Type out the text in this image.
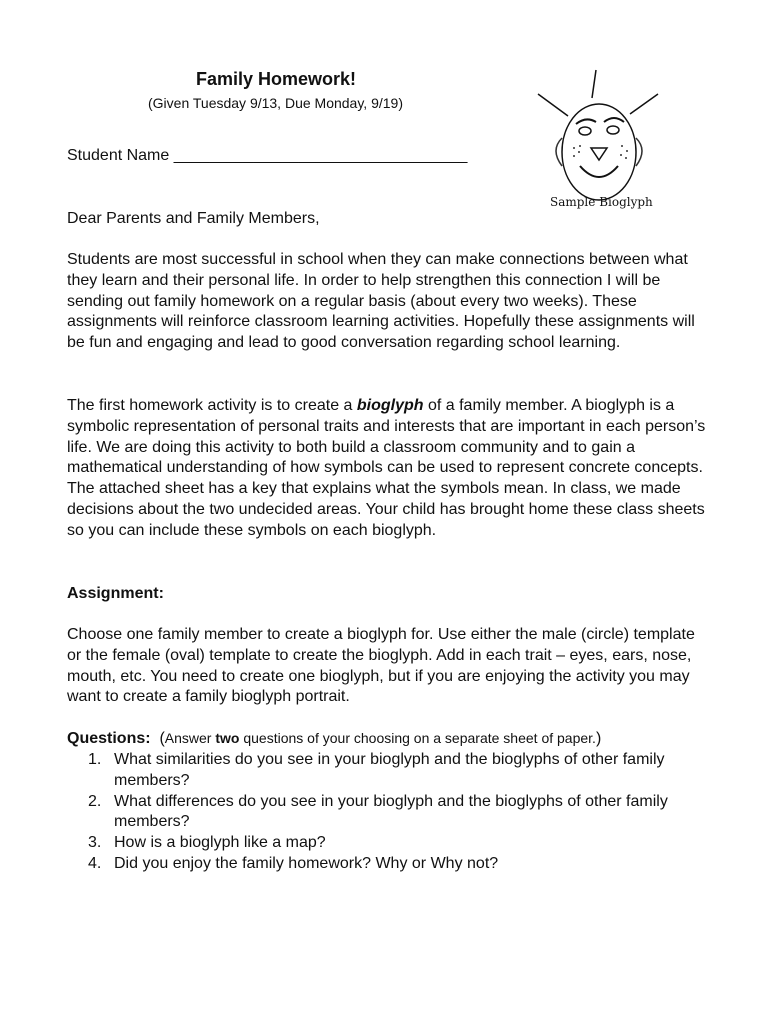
Family Homework!
(Given Tuesday 9/13, Due Monday, 9/19)
Student Name _________________________________
Sample Bioglyph

Dear Parents and Family Members,

Students are most successful in school when they can make connections between what they learn and their personal life. In order to help strengthen this connection I will be sending out family homework on a regular basis (about every two weeks). These assignments will reinforce classroom learning activities. Hopefully these assignments will be fun and engaging and lead to good conversation regarding school learning.

The first homework activity is to create a bioglyph of a family member. A bioglyph is a symbolic representation of personal traits and interests that are important in each person’s life. We are doing this activity to both build a classroom community and to gain a mathematical understanding of how symbols can be used to represent concrete concepts. The attached sheet has a key that explains what the symbols mean. In class, we made decisions about the two undecided areas. Your child has brought home these class sheets so you can include these symbols on each bioglyph.

Assignment:

Choose one family member to create a bioglyph for. Use either the male (circle) template or the female (oval) template to create the bioglyph. Add in each trait – eyes, ears, nose, mouth, etc. You need to create one bioglyph, but if you are enjoying the activity you may want to create a family bioglyph portrait.

Questions: (Answer two questions of your choosing on a separate sheet of paper.)

1. What similarities do you see in your bioglyph and the bioglyphs of other family members?
2. What differences do you see in your bioglyph and the bioglyphs of other family members?
3. How is a bioglyph like a map?
4. Did you enjoy the family homework? Why or Why not?
